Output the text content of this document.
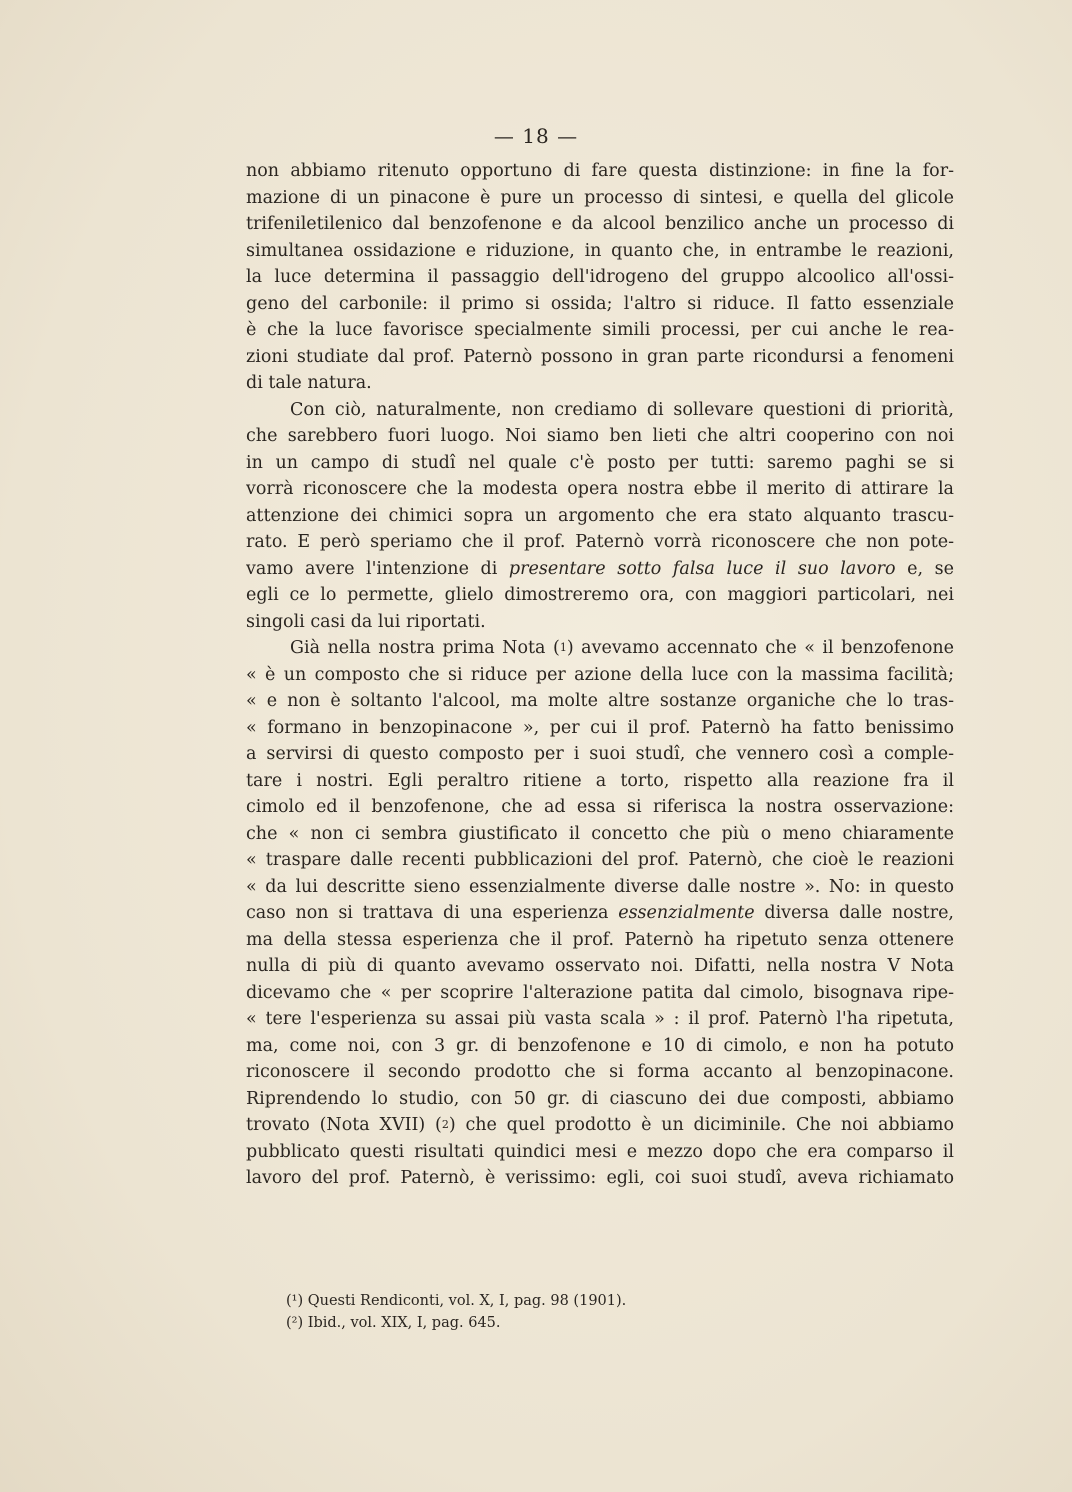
— 18 —
non abbiamo ritenuto opportuno di fare questa distinzione: in fine la for-
mazione di un pinacone è pure un processo di sintesi, e quella del glicole
trifeniletilenico dal benzofenone e da alcool benzilico anche un processo di
simultanea ossidazione e riduzione, in quanto che, in entrambe le reazioni,
la luce determina il passaggio dell'idrogeno del gruppo alcoolico all'ossi-
geno del carbonile: il primo si ossida; l'altro si riduce. Il fatto essenziale
è che la luce favorisce specialmente simili processi, per cui anche le rea-
zioni studiate dal prof. Paternò possono in gran parte ricondursi a fenomeni
di tale natura.
Con ciò, naturalmente, non crediamo di sollevare questioni di priorità,
che sarebbero fuori luogo. Noi siamo ben lieti che altri cooperino con noi
in un campo di studî nel quale c'è posto per tutti: saremo paghi se si
vorrà riconoscere che la modesta opera nostra ebbe il merito di attirare la
attenzione dei chimici sopra un argomento che era stato alquanto trascu-
rato. E però speriamo che il prof. Paternò vorrà riconoscere che non pote-
vamo avere l'intenzione di presentare sotto falsa luce il suo lavoro e, se
egli ce lo permette, glielo dimostreremo ora, con maggiori particolari, nei
singoli casi da lui riportati.
Già nella nostra prima Nota ($^1$) avevamo accennato che « il benzofenone
« è un composto che si riduce per azione della luce con la massima facilità;
« e non è soltanto l'alcool, ma molte altre sostanze organiche che lo tras-
« formano in benzopinacone », per cui il prof. Paternò ha fatto benissimo
a servirsi di questo composto per i suoi studî, che vennero così a comple-
tare i nostri. Egli peraltro ritiene a torto, rispetto alla reazione fra il
cimolo ed il benzofenone, che ad essa si riferisca la nostra osservazione:
che « non ci sembra giustificato il concetto che più o meno chiaramente
« traspare dalle recenti pubblicazioni del prof. Paternò, che cioè le reazioni
« da lui descritte sieno essenzialmente diverse dalle nostre ». No: in questo
caso non si trattava di una esperienza essenzialmente diversa dalle nostre,
ma della stessa esperienza che il prof. Paternò ha ripetuto senza ottenere
nulla di più di quanto avevamo osservato noi. Difatti, nella nostra V Nota
dicevamo che « per scoprire l'alterazione patita dal cimolo, bisognava ripe-
« tere l'esperienza su assai più vasta scala » : il prof. Paternò l'ha ripetuta,
ma, come noi, con 3 gr. di benzofenone e 10 di cimolo, e non ha potuto
riconoscere il secondo prodotto che si forma accanto al benzopinacone.
Riprendendo lo studio, con 50 gr. di ciascuno dei due composti, abbiamo
trovato (Nota XVII) ($^2$) che quel prodotto è un diciminile. Che noi abbiamo
pubblicato questi risultati quindici mesi e mezzo dopo che era comparso il
lavoro del prof. Paternò, è verissimo: egli, coi suoi studî, aveva richiamato
(¹) Questi Rendiconti, vol. X, I, pag. 98 (1901).
(²) Ibid., vol. XIX, I, pag. 645.
